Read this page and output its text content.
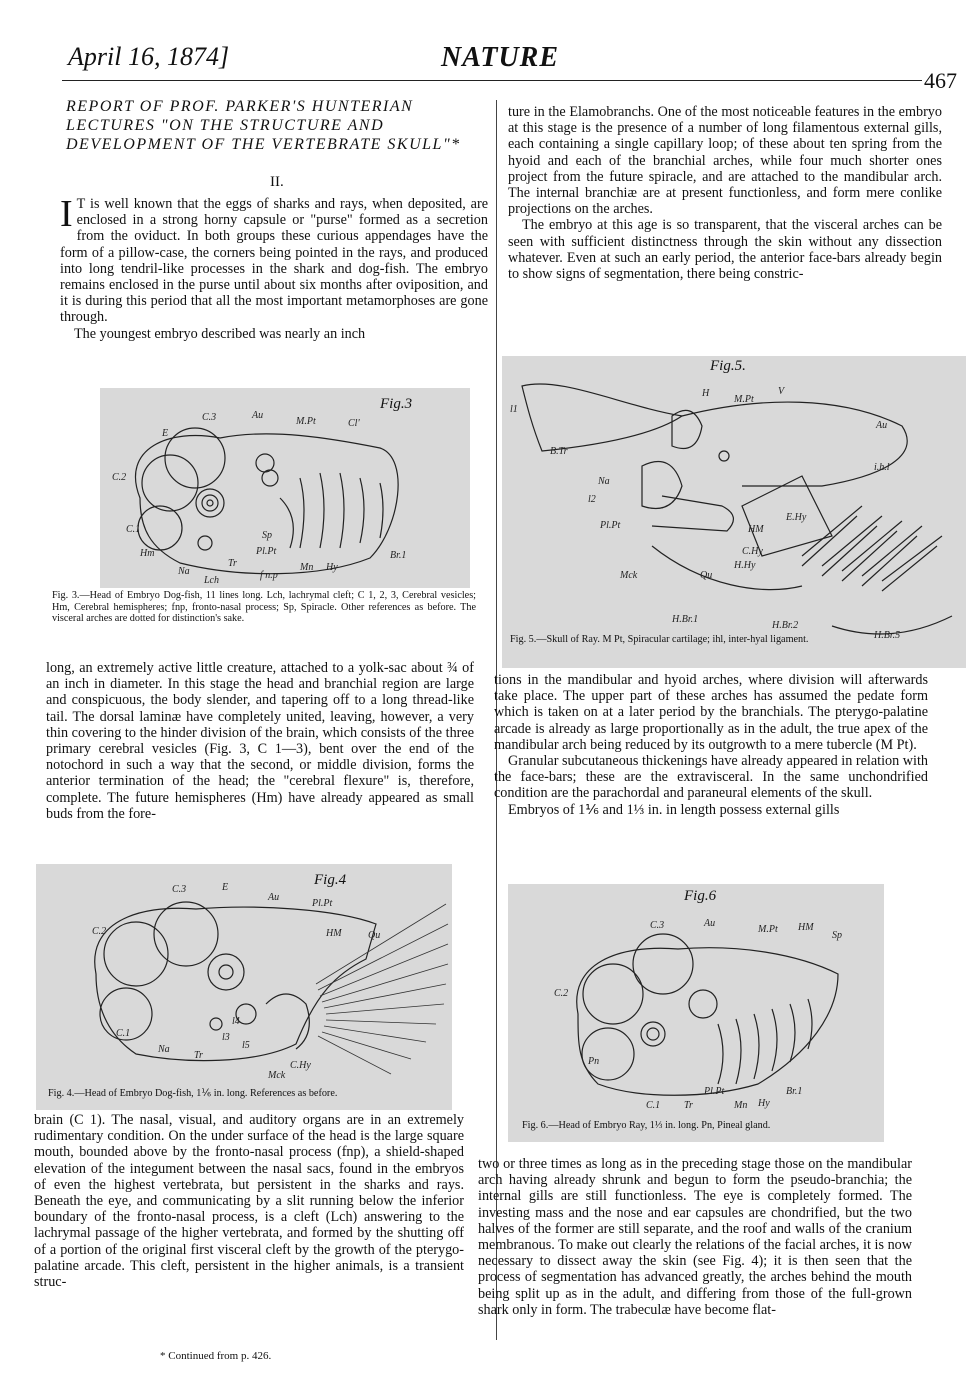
April 16, 1874]	NATURE
467
REPORT OF PROF. PARKER'S HUNTERIAN LECTURES "ON THE STRUCTURE AND DEVELOPMENT OF THE VERTEBRATE SKULL"*
II.

I T is well known that the eggs of sharks and rays, when deposited, are enclosed in a strong horny capsule or "purse" formed as a secretion from the oviduct. In both groups these curious appendages have the form of a pillow-case, the corners being pointed in the rays, and produced into long tendril-like processes in the shark and dog-fish. The embryo remains enclosed in the purse until about six months after oviposition, and it is during this period that all the most important metamorphoses are gone through.

The youngest embryo described was nearly an inch

Fig.3
E
C.3	Au
M.Pt	Cl'
C.2
C.1
Hm
Na
Lch
Tr
f n.p
Pl.Pt
Sp
Mn Hy
Br.1
Fig. 3.—Head of Embryo Dog-fish, 11 lines long. Lch, lachrymal cleft; C 1, 2, 3, Cerebral vesicles; Hm, Cerebral hemispheres; fnp, fronto-nasal process; Sp, Spiracle. Other references as before. The visceral arches are dotted for distinction's sake.

long, an extremely active little creature, attached to a yolk-sac about ¾ of an inch in diameter. In this stage the head and branchial region are large and conspicuous, the body slender, and tapering off to a long thread-like tail. The dorsal laminæ have completely united, leaving, however, a very thin covering to the hinder division of the brain, which consists of the three primary cerebral vesicles (Fig. 3, C 1—3), bent over the end of the notochord in such a way that the second, or middle division, forms the anterior termination of the head; the "cerebral flexure" is, therefore, complete. The future hemispheres (Hm) have already appeared as small buds from the fore-

Fig.4
C.3	E
Au
Pl.Pt
HM	Qu
C.2
C.1
Na
Tr
Mck
C.Hy
l3
l4
l5
Fig. 4.—Head of Embryo Dog-fish, 1⅙ in. long. References as before.

brain (C 1). The nasal, visual, and auditory organs are in an extremely rudimentary condition. On the under surface of the head is the large square mouth, bounded above by the fronto-nasal process (fnp), a shield-shaped elevation of the integument between the nasal sacs, found in the embryos of even the highest vertebrata, but persistent in the sharks and rays. Beneath the eye, and communicating by a slit running below the inferior boundary of the fronto-nasal process, is a cleft (Lch) answering to the lachrymal passage of the higher vertebrata, and formed by the shutting off of a portion of the original first visceral cleft by the growth of the pterygo-palatine arcade. This cleft, persistent in the higher animals, is a transient struc-

* Continued from p. 426.

ture in the Elamobranchs. One of the most noticeable features in the embryo at this stage is the presence of a number of long filamentous external gills, each containing a single capillary loop; of these about ten spring from the hyoid and each of the branchial arches, while four much shorter ones project from the future spiracle, and are attached to the mandibular arch. The internal branchiæ are at present functionless, and form mere conlike projections on the arches.

The embryo at this age is so transparent, that the visceral arches can be seen with sufficient distinctness through the skin without any dissection whatever. Even at such an early period, the anterior face-bars already begin to show signs of segmentation, there being constric-

Fig.5.
l1
H
M.Pt
V
Au
B.Tr
Na
l2
i.h.l
Pl.Pt	HM
E.Hy
C.Hy
H.Hy
Mck	Qu
H.Br.1
H.Br.2
H.Br.5
Fig. 5.—Skull of Ray. M Pt, Spiracular cartilage; ihl, inter-hyal ligament.

tions in the mandibular and hyoid arches, where division will afterwards take place. The upper part of these arches has assumed the pedate form which is taken on at a later period by the branchials. The pterygo-palatine arcade is already as large proportionally as in the adult, the true apex of the mandibular arch being reduced by its outgrowth to a mere tubercle (M Pt).

Granular subcutaneous thickenings have already appeared in relation with the face-bars; these are the extravisceral. In the same unchondrified condition are the parachordal and paraneural elements of the skull.

Embryos of 1⅙ and 1⅓ in. in length possess external gills

Fig.6
C.3	Au
M.Pt HM
Sp
C.2
Pn
C.1 Tr
Pl.Pt
Mn Hy
Br.1
Fig. 6.—Head of Embryo Ray, 1⅓ in. long. Pn, Pineal gland.

two or three times as long as in the preceding stage those on the mandibular arch having already shrunk and begun to form the pseudo-branchia; the internal gills are still functionless. The eye is completely formed. The investing mass and the nose and ear capsules are chondrified, but the two halves of the former are still separate, and the roof and walls of the cranium membranous. To make out clearly the relations of the facial arches, it is now necessary to dissect away the skin (see Fig. 4); it is then seen that the process of segmentation has advanced greatly, the arches behind the mouth being split up as in the adult, and differing from those of the full-grown shark only in form. The trabeculæ have become flat-
